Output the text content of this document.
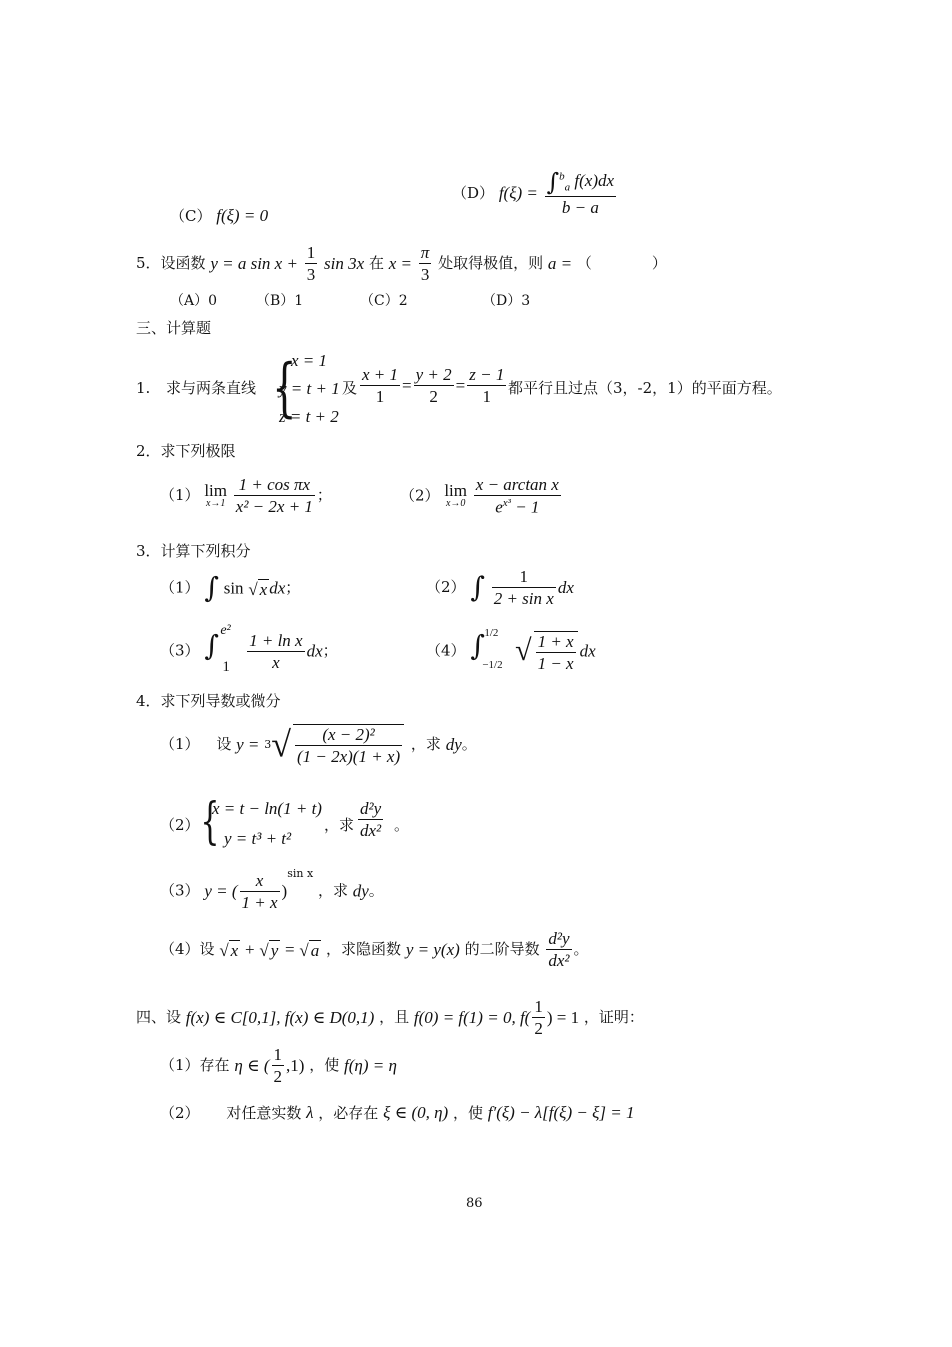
（C） f(ξ) = 0
（D） $f(\xi) = \frac{\int^b_a f(x)dx}{b - a}$
5．设函数 y = a $\sin x + \frac{1}{3}$ sin 3x 在 $x = \frac{\pi}{3}$ 处取得极值，则 a = （　　　　）
（A）0	（B）1	（C）2	（D）3
三、计算题
1. 求与两条直线 {
x = 1
y = t + 1
z = t + 2
及 $\frac{x + 1}{1} = \frac{y + 2}{2} = \frac{z - 1}{1}$ 都平行且过点（3，-2，1）的平面方程。
2．求下列极限
（1） lim
x→1
$\frac{\text{1 + cos πx}}{\text{x² − 2x + 1}}$ ；	（2） lim
x→0
$\frac{\text{x − arctan x}}{e^{x^3} - 1}$
3．计算下列积分
（1） ∫ sin √ x dx；	（2） ∫ $\frac{1}{\text{2 + sin x}}$ dx
（3） ∫ e²
1
$\frac{\text{1 + ln x}}{x}$ dx；	（4） ∫ 1/2
−1/2 √ $\frac{1 + x}{1 - x}$ dx
4．求下列导数或微分
（1） 设 $y = 3√ \frac{\text{(x − 2)²}}{(1 - 2x)(1 + x)}$ ，求 dy。
（2） {
x = t − ln(1 + t)
y = t³ + t²
，求 $\frac{\text{d²y}}{\text{dx²}}$ 。
（3） y = ( $\frac{x}{1 + x} )^{sin x}$ ，求 dy。
（4）设 √ x + √ y = √ a ，求隐函数 y = y(x) 的二阶导数 $\frac{\text{d²y}}{\text{dx²}}$ 。
四、设 f(x) ∈ C[0,1], f(x) ∈ D(0,1) ，且 f(0) = f(1) = 0, $f( \frac{1}{2}$ ) = 1 ，证明：
（1）存在 η ∈ ( $\frac{1}{2} ,1$) ，使 f(η) = η
（2） 对任意实数 λ ，必存在 ξ ∈ (0, η) ，使 f′(ξ) − λ[f(ξ) − ξ] = 1
86
